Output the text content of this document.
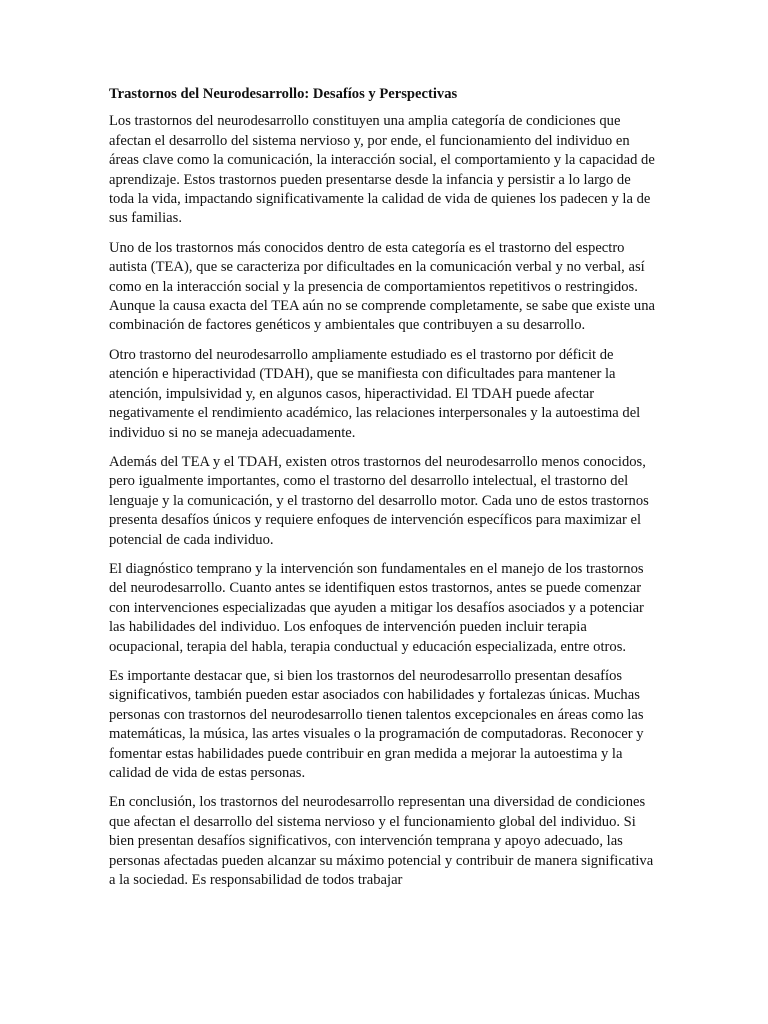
Trastornos del Neurodesarrollo: Desafíos y Perspectivas

Los trastornos del neurodesarrollo constituyen una amplia categoría de condiciones que afectan el desarrollo del sistema nervioso y, por ende, el funcionamiento del individuo en áreas clave como la comunicación, la interacción social, el comportamiento y la capacidad de aprendizaje. Estos trastornos pueden presentarse desde la infancia y persistir a lo largo de toda la vida, impactando significativamente la calidad de vida de quienes los padecen y la de sus familias.

Uno de los trastornos más conocidos dentro de esta categoría es el trastorno del espectro autista (TEA), que se caracteriza por dificultades en la comunicación verbal y no verbal, así como en la interacción social y la presencia de comportamientos repetitivos o restringidos. Aunque la causa exacta del TEA aún no se comprende completamente, se sabe que existe una combinación de factores genéticos y ambientales que contribuyen a su desarrollo.

Otro trastorno del neurodesarrollo ampliamente estudiado es el trastorno por déficit de atención e hiperactividad (TDAH), que se manifiesta con dificultades para mantener la atención, impulsividad y, en algunos casos, hiperactividad. El TDAH puede afectar negativamente el rendimiento académico, las relaciones interpersonales y la autoestima del individuo si no se maneja adecuadamente.

Además del TEA y el TDAH, existen otros trastornos del neurodesarrollo menos conocidos, pero igualmente importantes, como el trastorno del desarrollo intelectual, el trastorno del lenguaje y la comunicación, y el trastorno del desarrollo motor. Cada uno de estos trastornos presenta desafíos únicos y requiere enfoques de intervención específicos para maximizar el potencial de cada individuo.

El diagnóstico temprano y la intervención son fundamentales en el manejo de los trastornos del neurodesarrollo. Cuanto antes se identifiquen estos trastornos, antes se puede comenzar con intervenciones especializadas que ayuden a mitigar los desafíos asociados y a potenciar las habilidades del individuo. Los enfoques de intervención pueden incluir terapia ocupacional, terapia del habla, terapia conductual y educación especializada, entre otros.

Es importante destacar que, si bien los trastornos del neurodesarrollo presentan desafíos significativos, también pueden estar asociados con habilidades y fortalezas únicas. Muchas personas con trastornos del neurodesarrollo tienen talentos excepcionales en áreas como las matemáticas, la música, las artes visuales o la programación de computadoras. Reconocer y fomentar estas habilidades puede contribuir en gran medida a mejorar la autoestima y la calidad de vida de estas personas.

En conclusión, los trastornos del neurodesarrollo representan una diversidad de condiciones que afectan el desarrollo del sistema nervioso y el funcionamiento global del individuo. Si bien presentan desafíos significativos, con intervención temprana y apoyo adecuado, las personas afectadas pueden alcanzar su máximo potencial y contribuir de manera significativa a la sociedad. Es responsabilidad de todos trabajar
